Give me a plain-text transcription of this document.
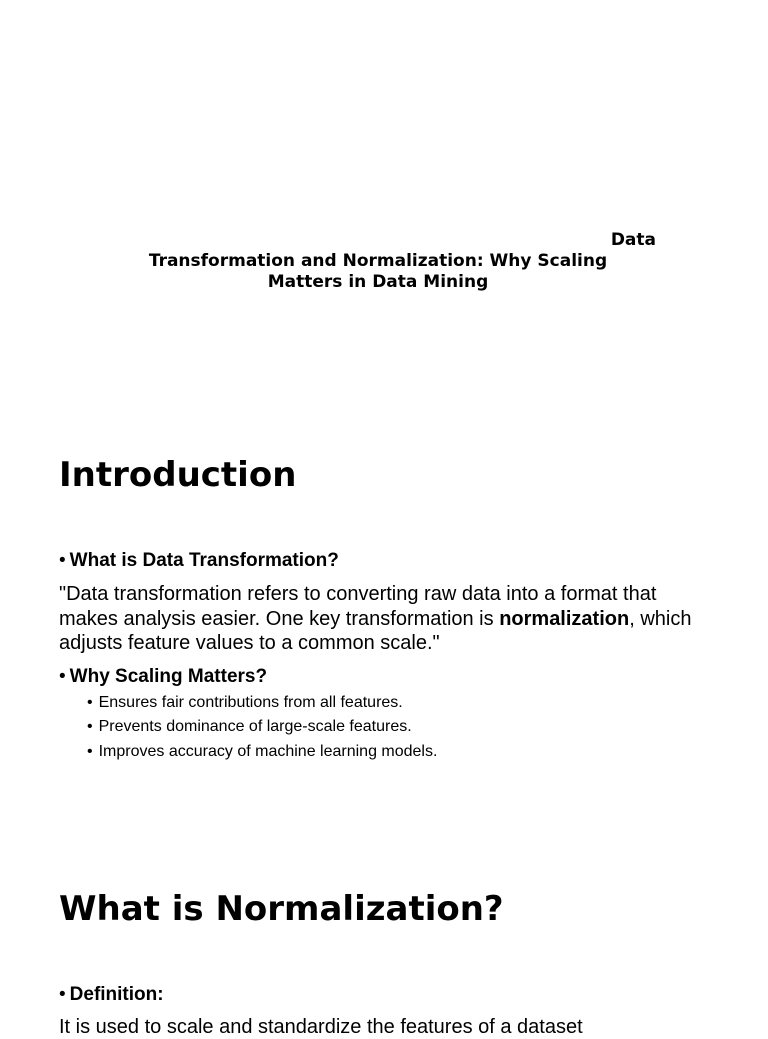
Data
Transformation and Normalization: Why Scaling
Matters in Data Mining
Introduction
• What is Data Transformation?

"Data transformation refers to converting raw data into a format that
makes analysis easier. One key transformation is normalization, which
adjusts feature values to a common scale."

• Why Scaling Matters?
• Ensures fair contributions from all features.
• Prevents dominance of large-scale features.
• Improves accuracy of machine learning models.
What is Normalization?
• Definition:
It is used to scale and standardize the features of a dataset
